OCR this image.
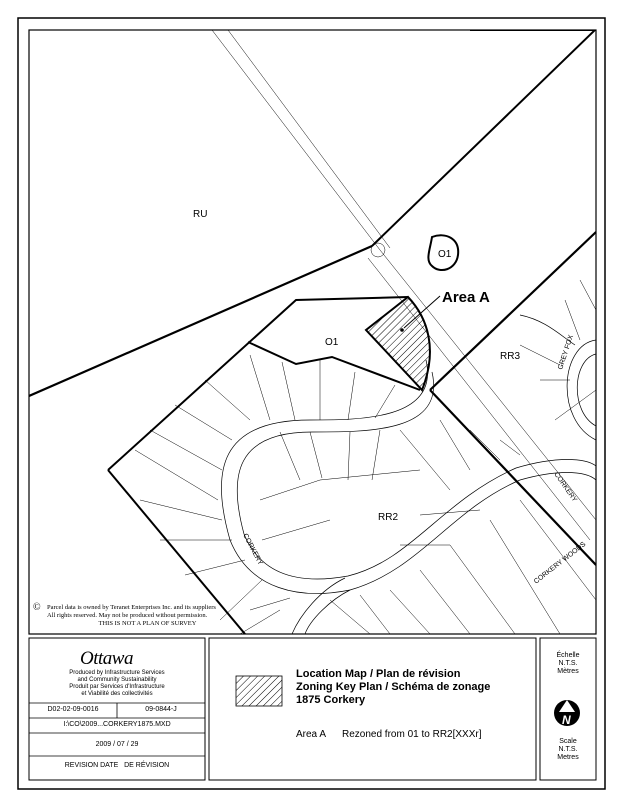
RU
O1
O1
RR3
RR2
Area A
CORKERY
CORKERY
CORKERY WOODS
GREY FOX
N
© Parcel data is owned by Teranet Enterprises Inc. and its suppliers
All rights reserved. May not be produced without permission.
THIS IS NOT A PLAN OF SURVEY
Ottawa
Produced by Infrastructure Services
and Community Sustainability
Produit par Services d'Infrastructure
et Viabilité des collectivités
D02-02-09-0016	09-0844-J
I:\CO\2009...CORKERY1875.MXD
2009 / 07 / 29
REVISION DATE   DE RÉVISION
Location Map / Plan de révision
Zoning Key Plan / Schéma de zonage
1875 Corkery
Area A Rezoned from 01 to RR2[XXXr]
Échelle
N.T.S.
Mètres
Scale
N.T.S.
Metres
